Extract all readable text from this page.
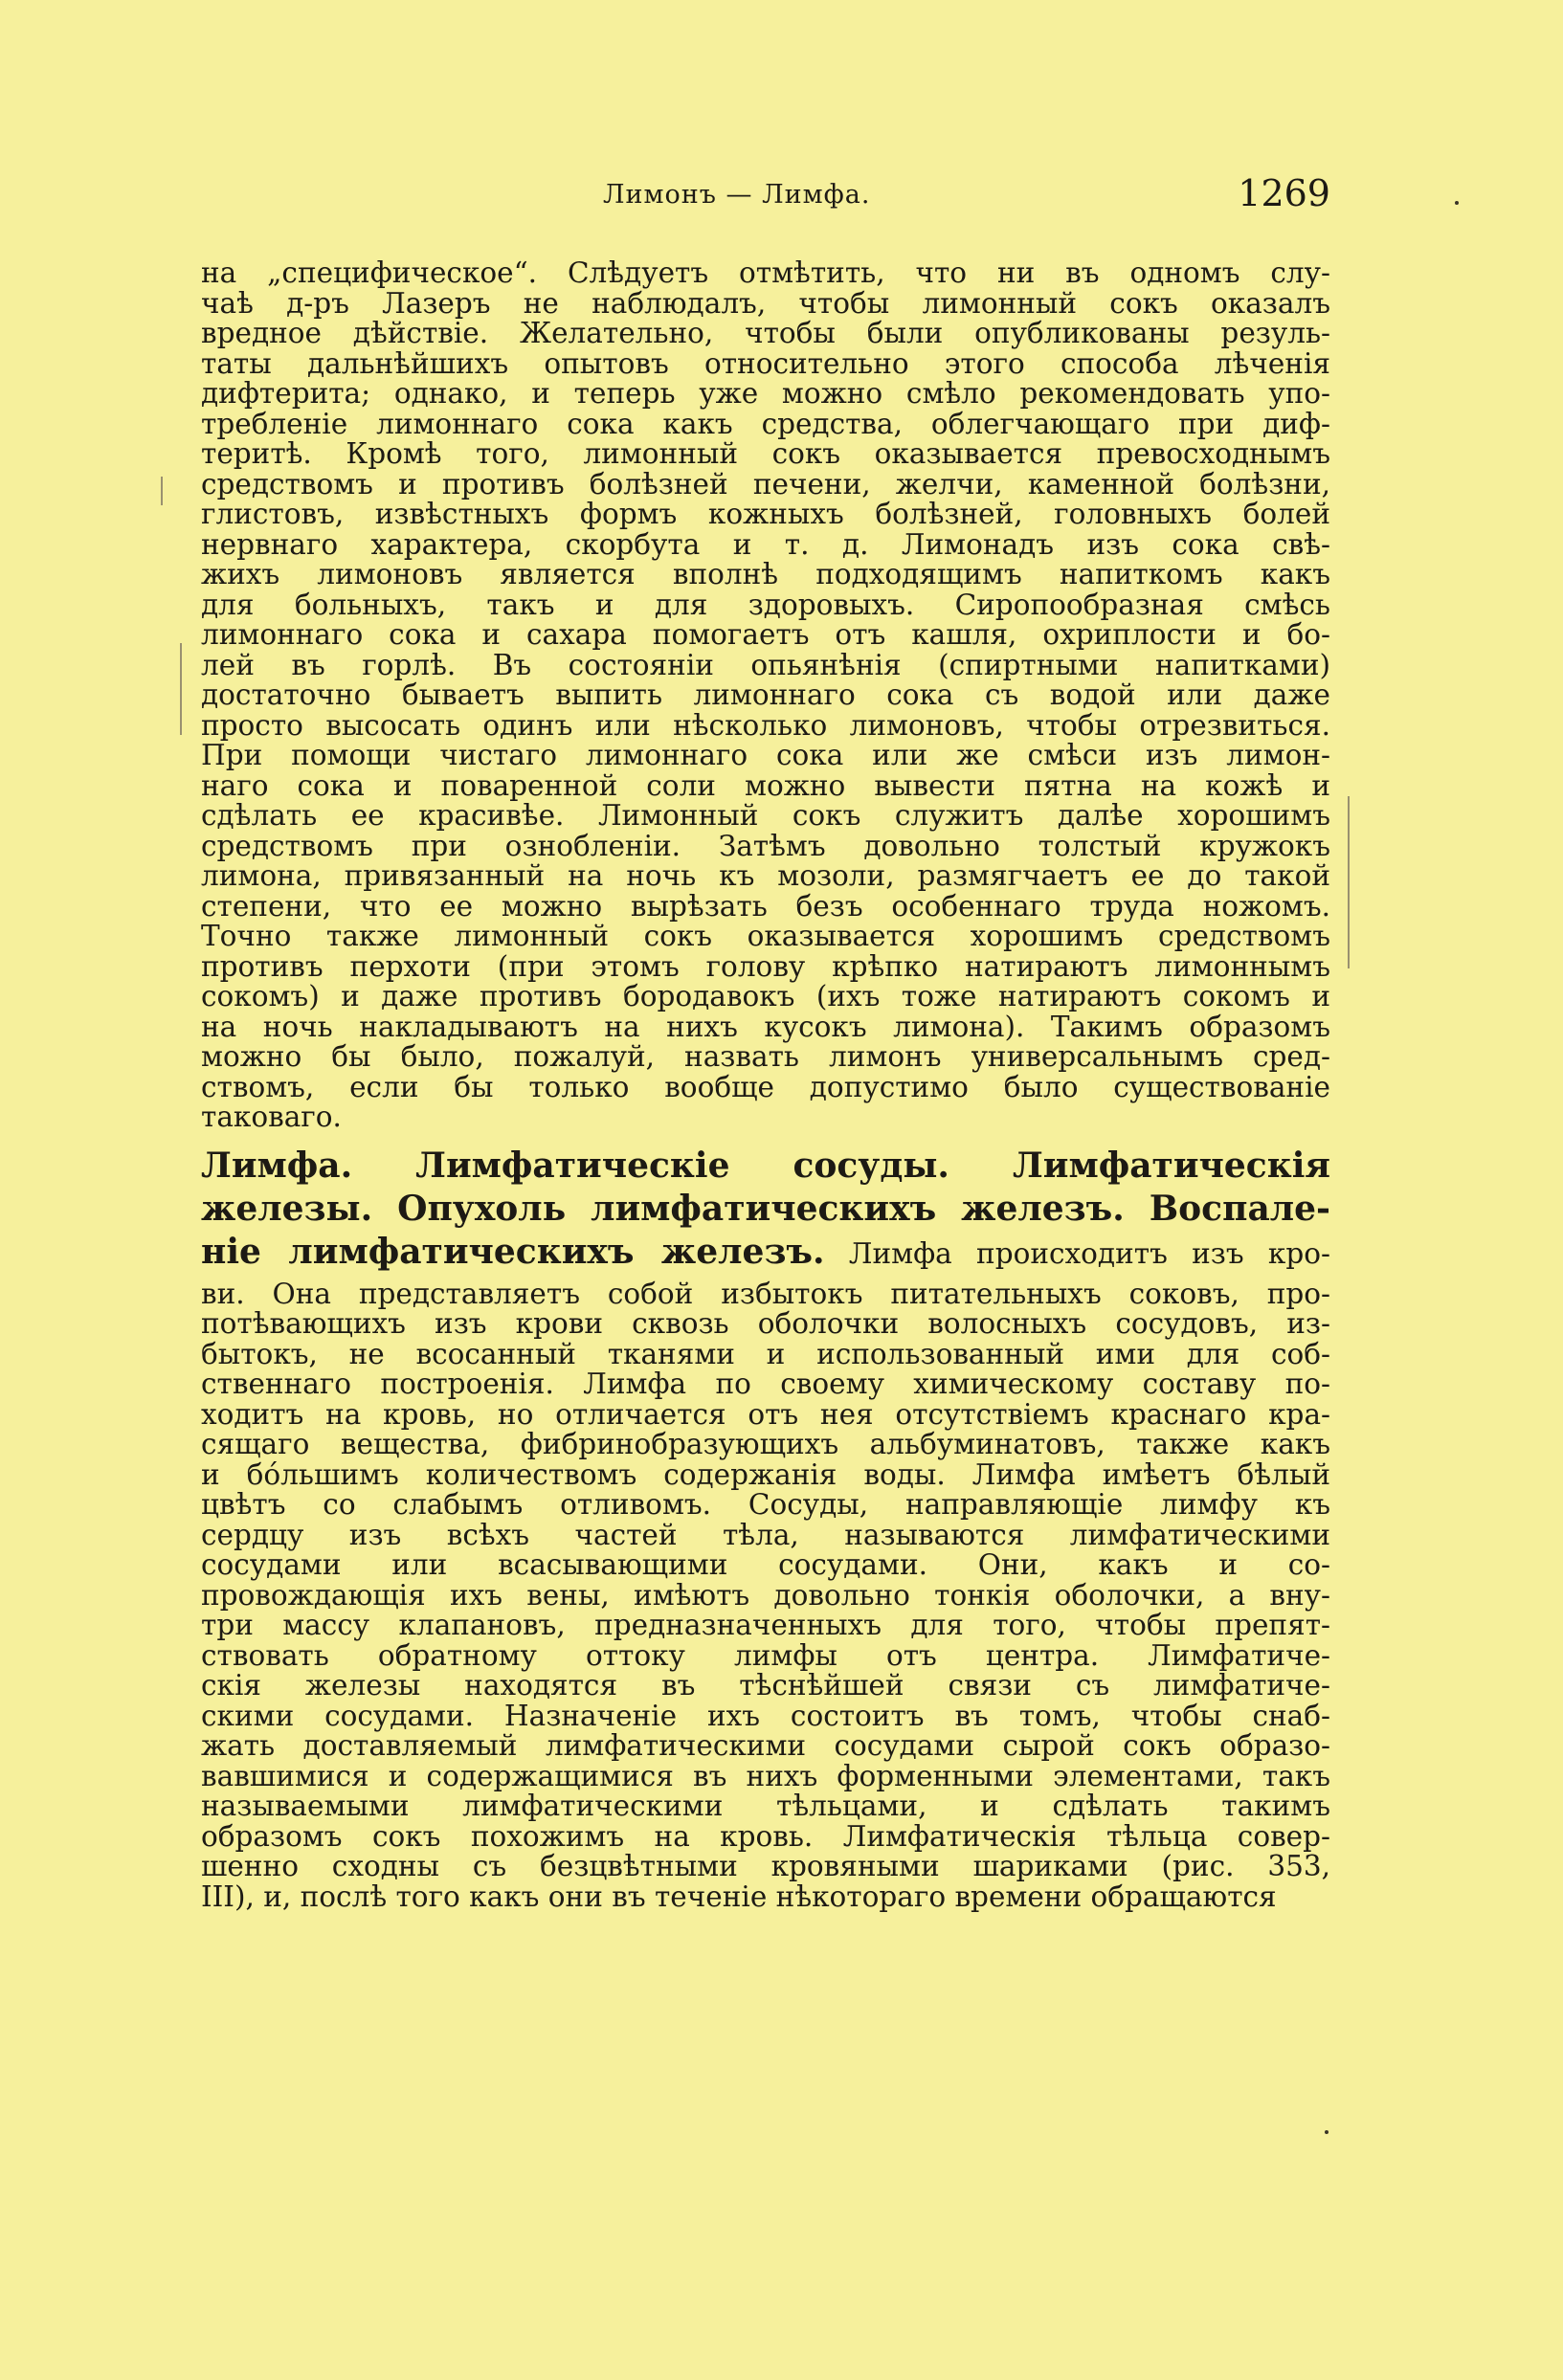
Лимонъ — Лимфа.	1269
на „специфическое“. Слѣдуетъ отмѣтить, что ни въ одномъ слу-
чаѣ д-ръ Лазеръ не наблюдалъ, чтобы лимонный сокъ оказалъ
вредное дѣйствіе. Желательно, чтобы были опубликованы резуль-
таты дальнѣйшихъ опытовъ относительно этого способа лѣченія
дифтерита; однако, и теперь уже можно смѣло рекомендовать упо-
требленіе лимоннаго сока какъ средства, облегчающаго при диф-
теритѣ. Кромѣ того, лимонный сокъ оказывается превосходнымъ
средствомъ и противъ болѣзней печени, желчи, каменной болѣзни,
глистовъ, извѣстныхъ формъ кожныхъ болѣзней, головныхъ болей
нервнаго характера, скорбута и т. д. Лимонадъ изъ сока свѣ-
жихъ лимоновъ является вполнѣ подходящимъ напиткомъ какъ
для больныхъ, такъ и для здоровыхъ. Сиропообразная смѣсь
лимоннаго сока и сахара помогаетъ отъ кашля, охриплости и бо-
лей въ горлѣ. Въ состояніи опьянѣнія (спиртными напитками)
достаточно бываетъ выпить лимоннаго сока съ водой или даже
просто высосать одинъ или нѣсколько лимоновъ, чтобы отрезвиться.
При помощи чистаго лимоннаго сока или же смѣси изъ лимон-
наго сока и поваренной соли можно вывести пятна на кожѣ и
сдѣлать ее красивѣе. Лимонный сокъ служитъ далѣе хорошимъ
средствомъ при ознобленіи. Затѣмъ довольно толстый кружокъ
лимона, привязанный на ночь къ мозоли, размягчаетъ ее до такой
степени, что ее можно вырѣзать безъ особеннаго труда ножомъ.
Точно также лимонный сокъ оказывается хорошимъ средствомъ
противъ перхоти (при этомъ голову крѣпко натираютъ лимоннымъ
сокомъ) и даже противъ бородавокъ (ихъ тоже натираютъ сокомъ и
на ночь накладываютъ на нихъ кусокъ лимона). Такимъ образомъ
можно бы было, пожалуй, назвать лимонъ универсальнымъ сред-
ствомъ, если бы только вообще допустимо было существованіе
таковаго.
Лимфа. Лимфатическіе сосуды. Лимфатическія
железы. Опухоль лимфатическихъ железъ. Воспале-
ніе лимфатическихъ железъ. Лимфа происходитъ изъ кро-
ви. Она представляетъ собой избытокъ питательныхъ соковъ, про-
потѣвающихъ изъ крови сквозь оболочки волосныхъ сосудовъ, из-
бытокъ, не всосанный тканями и использованный ими для соб-
ственнаго построенія. Лимфа по своему химическому составу по-
ходитъ на кровь, но отличается отъ нея отсутствіемъ краснаго кра-
сящаго вещества, фибринобразующихъ альбуминатовъ, также какъ
и бо́льшимъ количествомъ содержанія воды. Лимфа имѣетъ бѣлый
цвѣтъ со слабымъ отливомъ. Сосуды, направляющіе лимфу къ
сердцу изъ всѣхъ частей тѣла, называются лимфатическими
сосудами или всасывающими сосудами. Они, какъ и со-
провождающія ихъ вены, имѣютъ довольно тонкія оболочки, а вну-
три массу клапановъ, предназначенныхъ для того, чтобы препят-
ствовать обратному оттоку лимфы отъ центра. Лимфатиче-
скія железы находятся въ тѣснѣйшей связи съ лимфатиче-
скими сосудами. Назначеніе ихъ состоитъ въ томъ, чтобы снаб-
жать доставляемый лимфатическими сосудами сырой сокъ образо-
вавшимися и содержащимися въ нихъ форменными элементами, такъ
называемыми лимфатическими тѣльцами, и сдѣлать такимъ
образомъ сокъ похожимъ на кровь. Лимфатическія тѣльца совер-
шенно сходны съ безцвѣтными кровяными шариками (рис. 353,
III), и, послѣ того какъ они въ теченіе нѣкотораго времени обращаются
